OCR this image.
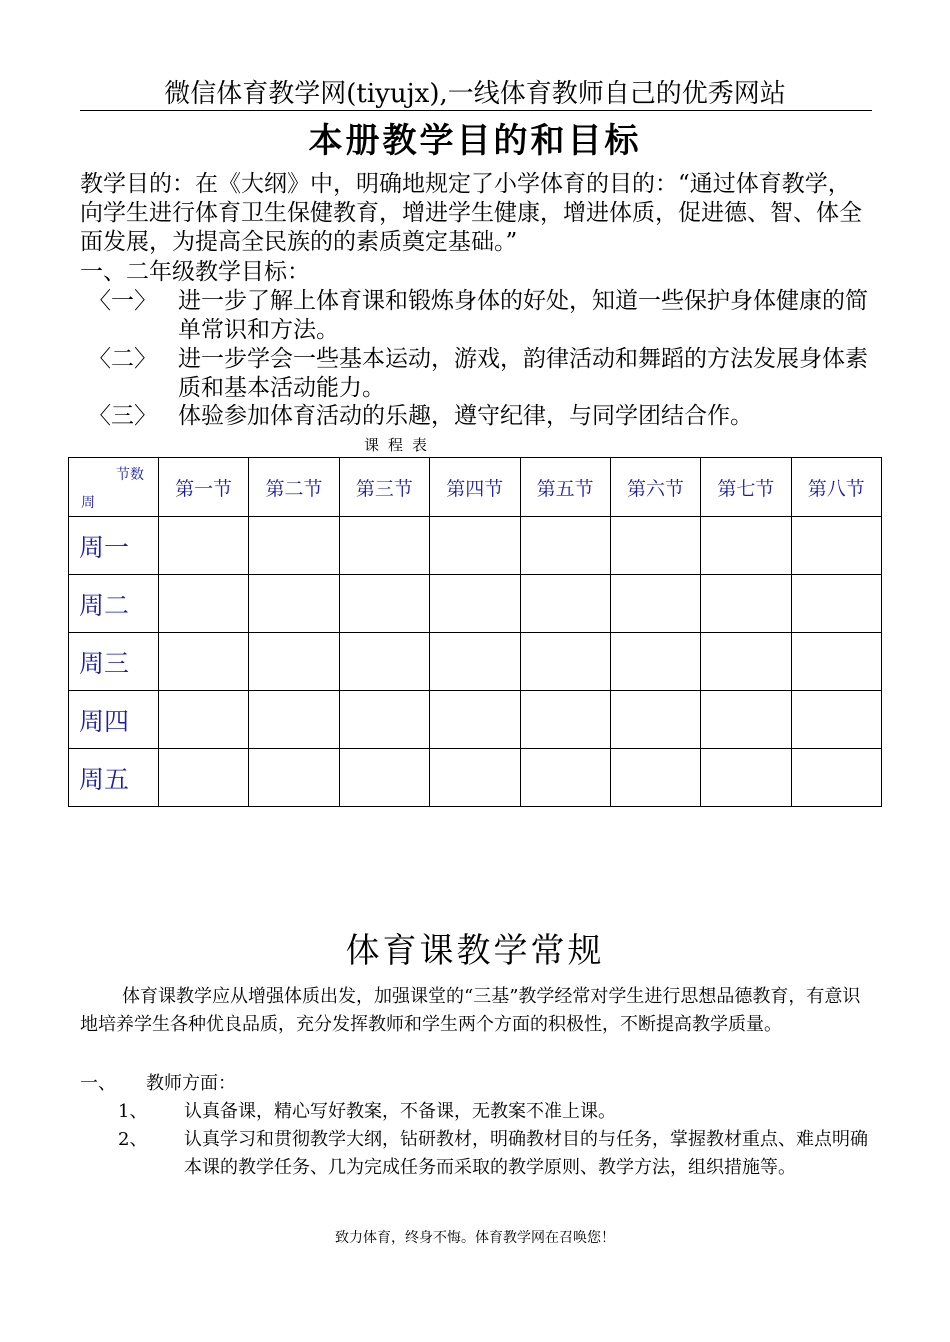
微信体育教学网(tiyujx),一线体育教师自己的优秀网站
本册教学目的和目标

教学目的：在《大纲》中，明确地规定了小学体育的目的：“通过体育教学，向学生进行体育卫生保健教育，增进学生健康，增进体质，促进德、智、体全面发展，为提高全民族的的素质奠定基础。”

一、二年级教学目标：
〈一〉 进一步了解上体育课和锻炼身体的好处，知道一些保护身体健康的简单常识和方法。
〈二〉 进一步学会一些基本运动，游戏，韵律活动和舞蹈的方法发展身体素质和基本活动能力。
〈三〉 体验参加体育活动的乐趣，遵守纪律，与同学团结合作。
课程表
节数
周	第一节	第二节	第三节	第四节	第五节	第六节	第七节	第八节
周一								
周二								
周三								
周四								
周五								
体育课教学常规

体育课教学应从增强体质出发，加强课堂的“三基”教学经常对学生进行思想品德教育，有意识地培养学生各种优良品质，充分发挥教师和学生两个方面的积极性，不断提高教学质量。

一、	教师方面：
1、 认真备课，精心写好教案，不备课，无教案不准上课。
2、 认真学习和贯彻教学大纲，钻研教材，明确教材目的与任务，掌握教材重点、难点明确本课的教学任务、几为完成任务而采取的教学原则、教学方法，组织措施等。
致力体育，终身不悔。体育教学网在召唤您！
